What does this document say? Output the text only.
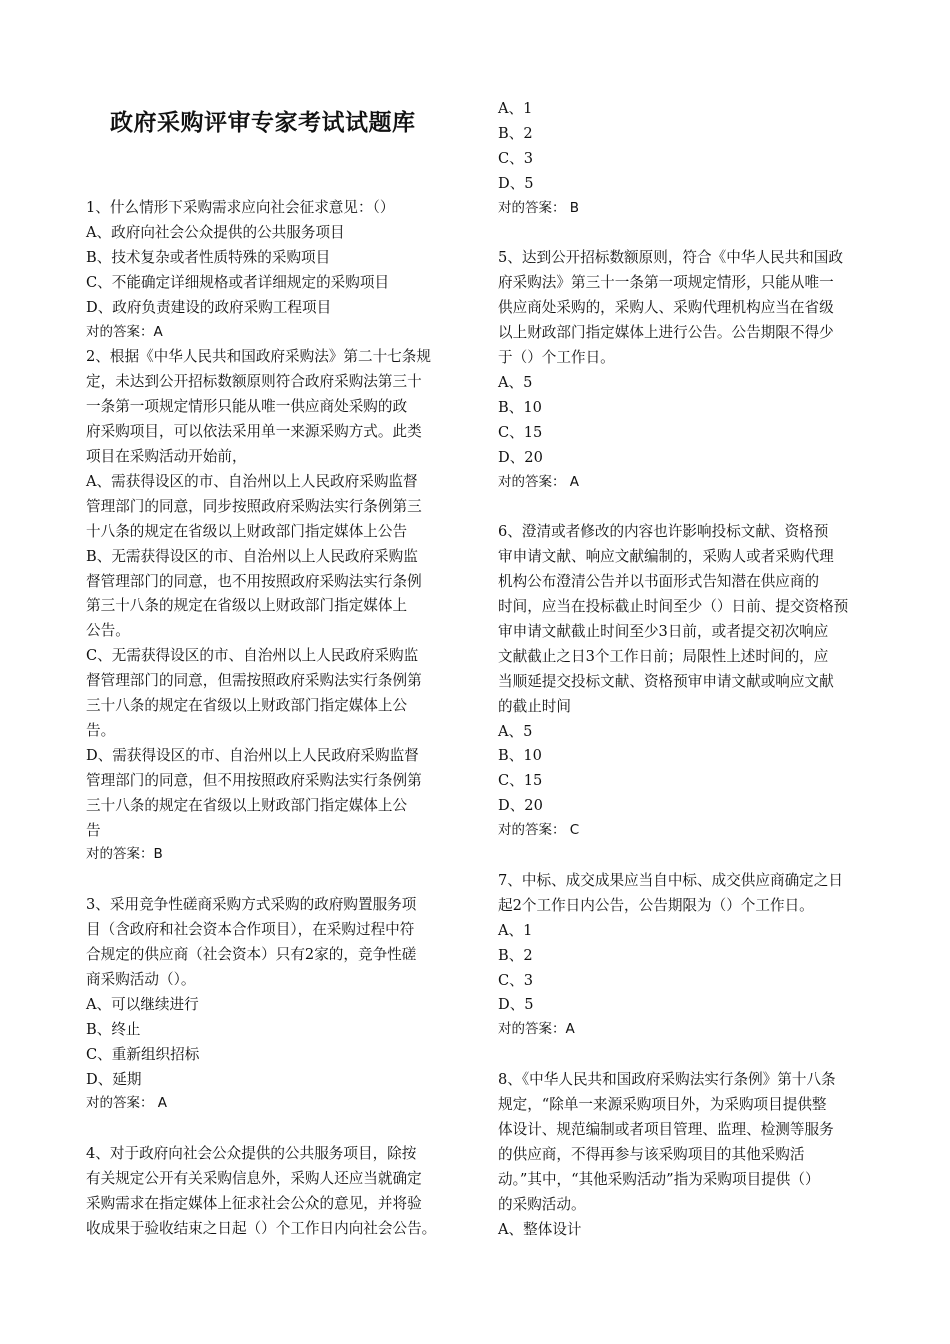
政府采购评审专家考试试题库
1、什么情形下采购需求应向社会征求意见：（）
A、政府向社会公众提供的公共服务项目
B、技术复杂或者性质特殊的采购项目
C、不能确定详细规格或者详细规定的采购项目
D、政府负责建设的政府采购工程项目
对的答案：A
2、根据《中华人民共和国政府采购法》第二十七条规
定，未达到公开招标数额原则符合政府采购法第三十
一条第一项规定情形只能从唯一供应商处采购的政
府采购项目，可以依法采用单一来源采购方式。此类
项目在采购活动开始前，
A、需获得设区的市、自治州以上人民政府采购监督
管理部门的同意，同步按照政府采购法实行条例第三
十八条的规定在省级以上财政部门指定媒体上公告
B、无需获得设区的市、自治州以上人民政府采购监
督管理部门的同意，也不用按照政府采购法实行条例
第三十八条的规定在省级以上财政部门指定媒体上
公告。
C、无需获得设区的市、自治州以上人民政府采购监
督管理部门的同意，但需按照政府采购法实行条例第
三十八条的规定在省级以上财政部门指定媒体上公
告。
D、需获得设区的市、自治州以上人民政府采购监督
管理部门的同意，但不用按照政府采购法实行条例第
三十八条的规定在省级以上财政部门指定媒体上公
告
对的答案：B
3、采用竞争性磋商采购方式采购的政府购置服务项
目（含政府和社会资本合作项目），在采购过程中符
合规定的供应商（社会资本）只有2家的，竞争性磋
商采购活动（）。
A、可以继续进行
B、终止
C、重新组织招标
D、延期
对的答案： A
4、对于政府向社会公众提供的公共服务项目，除按
有关规定公开有关采购信息外，采购人还应当就确定
采购需求在指定媒体上征求社会公众的意见，并将验
收成果于验收结束之日起（）个工作日内向社会公告。
A、1
B、2
C、3
D、5
对的答案： B
5、达到公开招标数额原则，符合《中华人民共和国政
府采购法》第三十一条第一项规定情形，只能从唯一
供应商处采购的，采购人、采购代理机构应当在省级
以上财政部门指定媒体上进行公告。公告期限不得少
于（）个工作日。
A、5
B、10
C、15
D、20
对的答案： A
6、澄清或者修改的内容也许影响投标文献、资格预
审申请文献、响应文献编制的，采购人或者采购代理
机构公布澄清公告并以书面形式告知潜在供应商的
时间，应当在投标截止时间至少（）日前、提交资格预
审申请文献截止时间至少3日前，或者提交初次响应
文献截止之日3个工作日前；局限性上述时间的，应
当顺延提交投标文献、资格预审申请文献或响应文献
的截止时间
A、5
B、10
C、15
D、20
对的答案： C
7、中标、成交成果应当自中标、成交供应商确定之日
起2个工作日内公告，公告期限为（）个工作日。
A、1
B、2
C、3
D、5
对的答案：A
8、《中华人民共和国政府采购法实行条例》第十八条
规定，“除单一来源采购项目外，为采购项目提供整
体设计、规范编制或者项目管理、监理、检测等服务
的供应商，不得再参与该采购项目的其他采购活
动。”其中，“其他采购活动”指为采购项目提供（）
的采购活动。
A、整体设计
